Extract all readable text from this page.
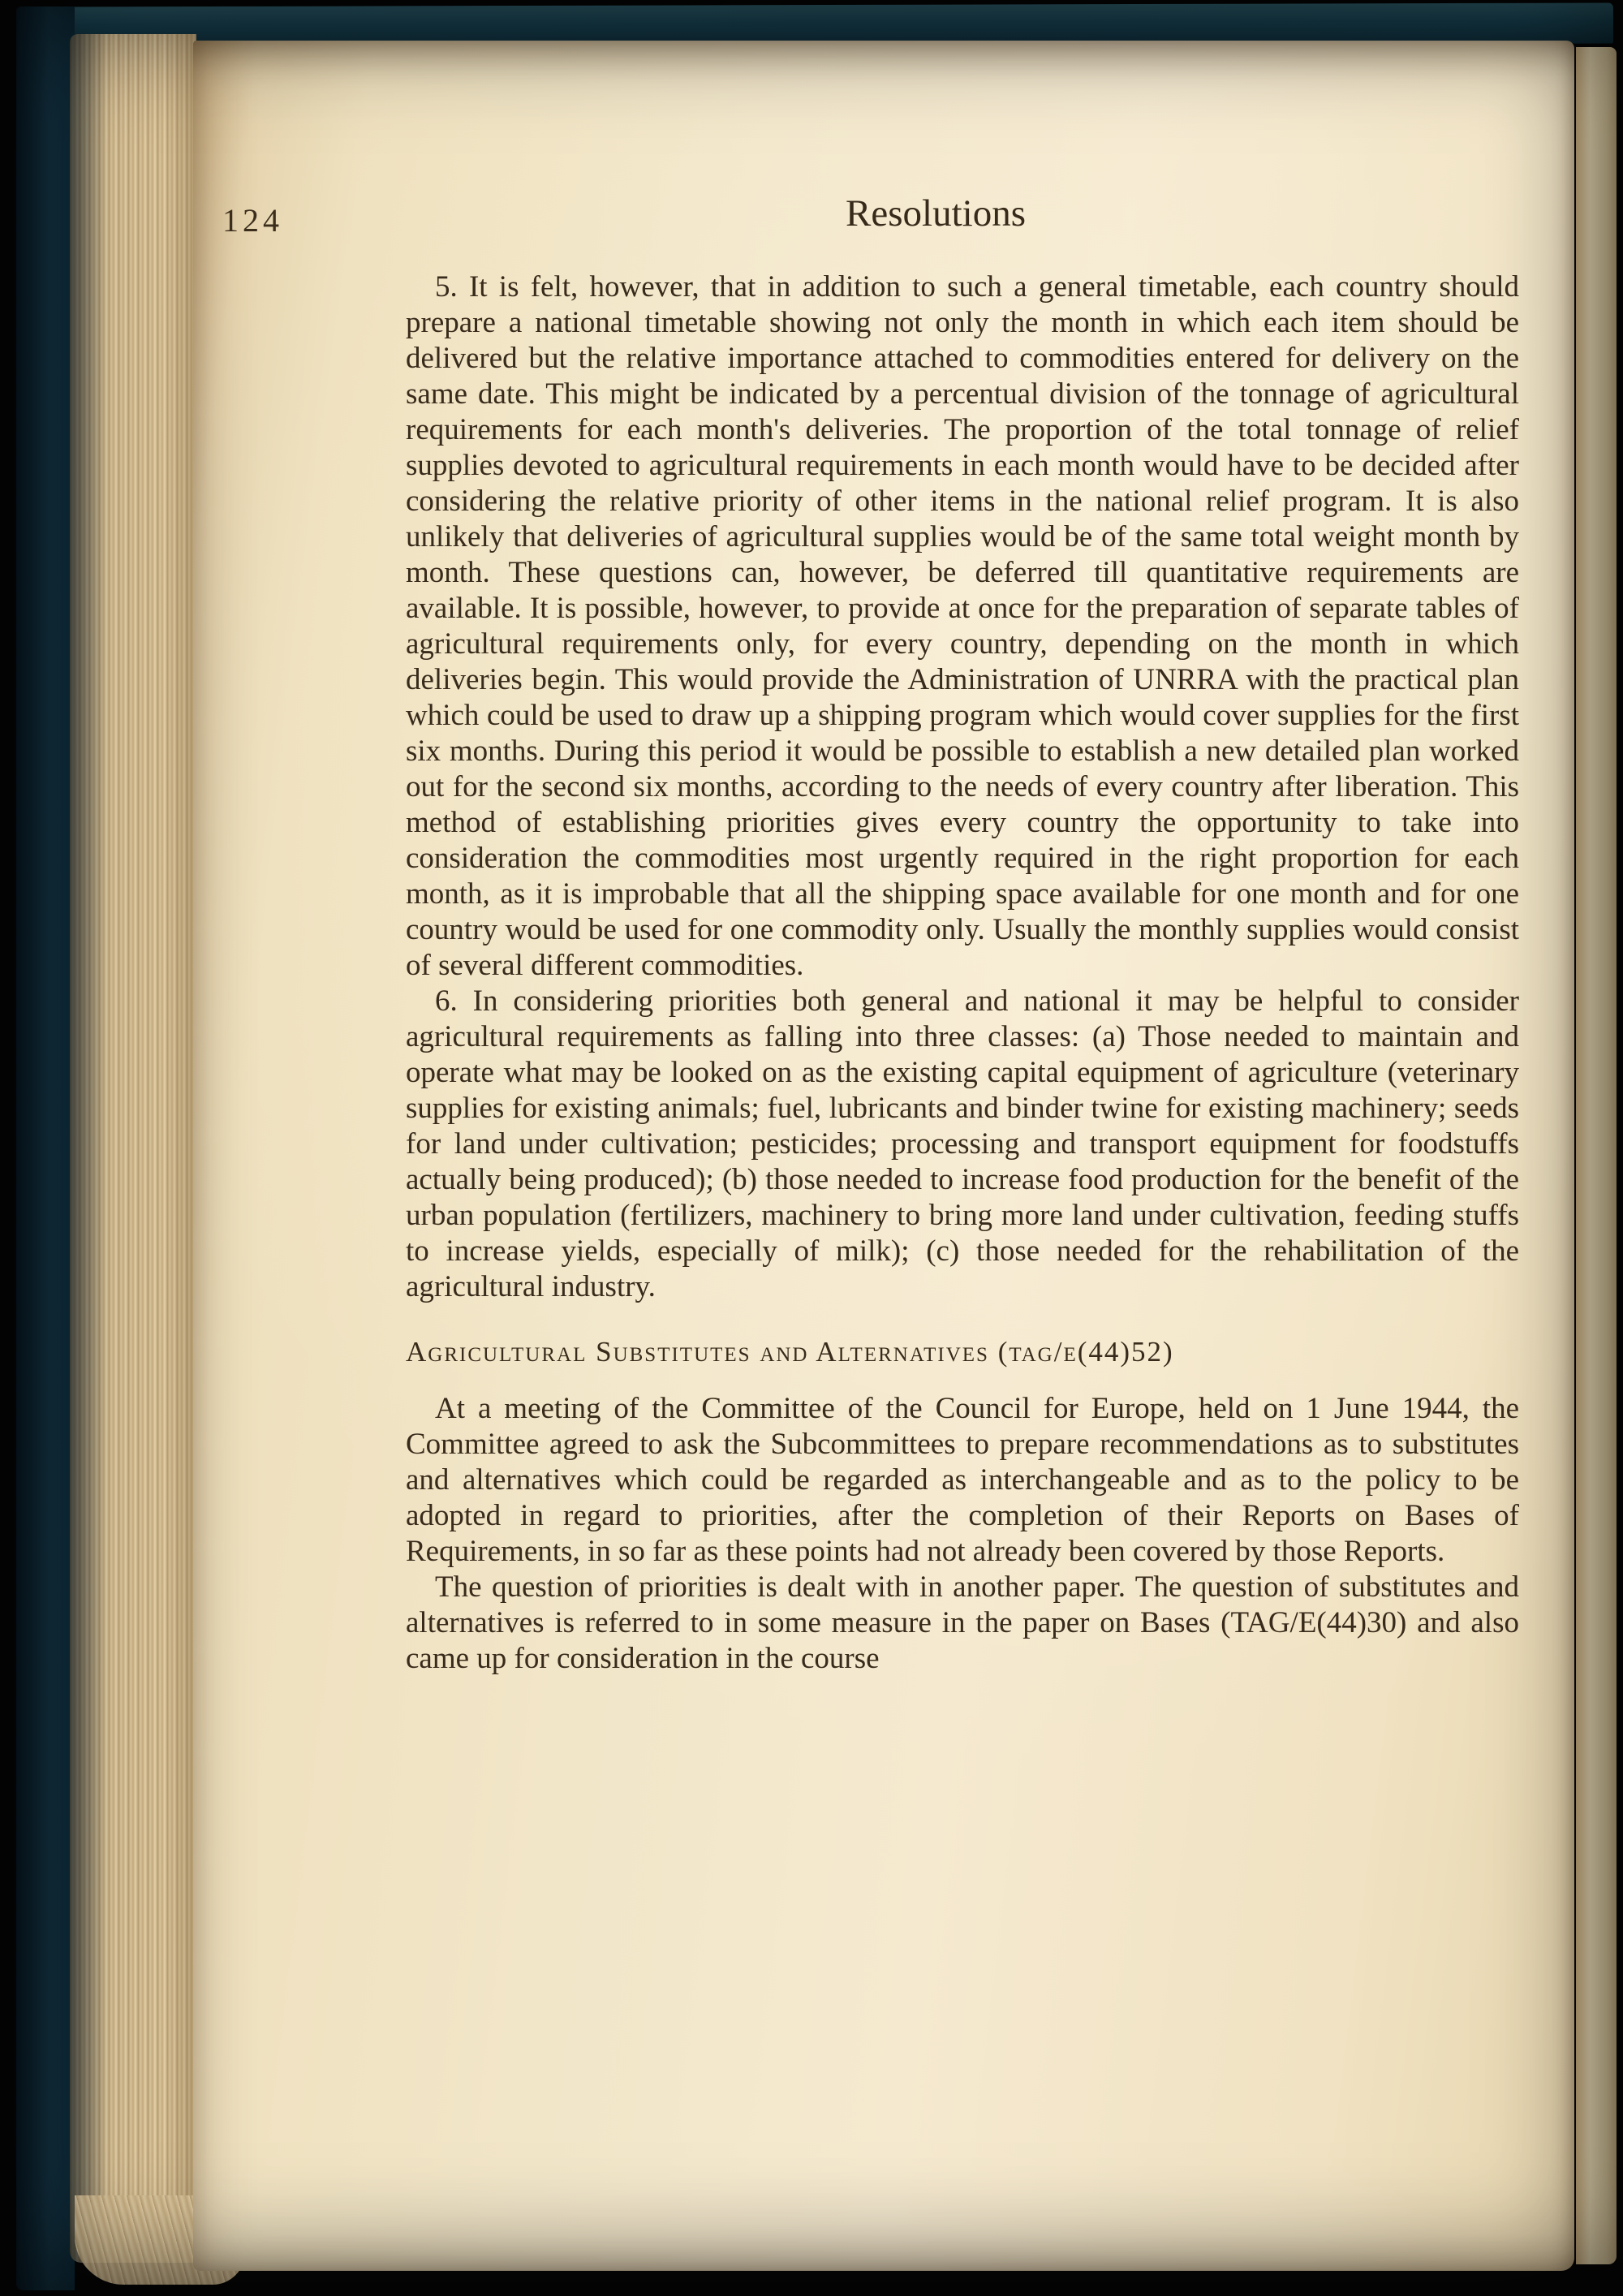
124	Resolutions

5. It is felt, however, that in addition to such a general timetable, each country should prepare a national timetable showing not only the month in which each item should be delivered but the relative importance attached to commodities entered for delivery on the same date. This might be indicated by a percentual division of the tonnage of agricultural requirements for each month's deliveries. The proportion of the total tonnage of relief supplies devoted to agricultural requirements in each month would have to be decided after considering the relative priority of other items in the national relief program. It is also unlikely that deliveries of agricultural supplies would be of the same total weight month by month. These questions can, however, be deferred till quantitative requirements are available. It is possible, however, to provide at once for the preparation of separate tables of agricultural requirements only, for every country, depending on the month in which deliveries begin. This would provide the Administration of UNRRA with the practical plan which could be used to draw up a shipping program which would cover supplies for the first six months. During this period it would be possible to establish a new detailed plan worked out for the second six months, according to the needs of every country after liberation. This method of establishing priorities gives every country the opportunity to take into consideration the commodities most urgently required in the right proportion for each month, as it is improbable that all the shipping space available for one month and for one country would be used for one commodity only. Usually the monthly supplies would consist of several different commodities.

6. In considering priorities both general and national it may be helpful to consider agricultural requirements as falling into three classes: (a) Those needed to maintain and operate what may be looked on as the existing capital equipment of agriculture (veterinary supplies for existing animals; fuel, lubricants and binder twine for existing machinery; seeds for land under cultivation; pesticides; processing and transport equipment for foodstuffs actually being produced); (b) those needed to increase food production for the benefit of the urban population (fertilizers, machinery to bring more land under cultivation, feeding stuffs to increase yields, especially of milk); (c) those needed for the rehabilitation of the agricultural industry.

Agricultural Substitutes and Alternatives (tag/e(44)52)

At a meeting of the Committee of the Council for Europe, held on 1 June 1944, the Committee agreed to ask the Subcommittees to prepare recommendations as to substitutes and alternatives which could be regarded as interchangeable and as to the policy to be adopted in regard to priorities, after the completion of their Reports on Bases of Requirements, in so far as these points had not already been covered by those Reports.

The question of priorities is dealt with in another paper. The question of substitutes and alternatives is referred to in some measure in the paper on Bases (TAG/E(44)30) and also came up for consideration in the course
